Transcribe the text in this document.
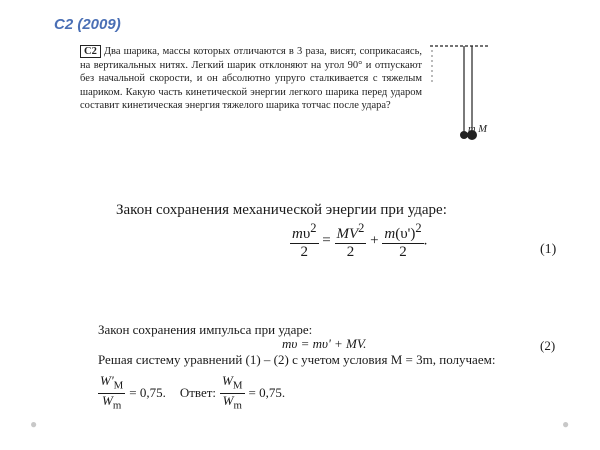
C2 (2009)
C2 Два шарика, массы которых отличаются в 3 раза, висят, соприкасаясь, на вертикальных нитях. Легкий шарик отклоняют на угол 90° и отпускают без начальной скорости, и он абсолютно упруго сталкивается с тяжелым шариком. Какую часть кинетической энергии легкого шарика перед ударом составит кинетическая энергия тяжелого шарика тотчас после удара?
m M
Закон сохранения механической энергии при ударе:
$\frac{m\upsilon^2}{2} = \frac{MV^2}{2} + \frac{m(\upsilon')^2}{2}$ .
(1)
Закон сохранения импульса при ударе:
mυ = mυ' + MV.	(2)
Решая систему уравнений (1) – (2) с учетом условия M = 3m, получаем:
$\frac{W'_M}{W_m} = 0,75$. Ответ: $\frac{W_M}{W_m} = 0,75$.
●	●
